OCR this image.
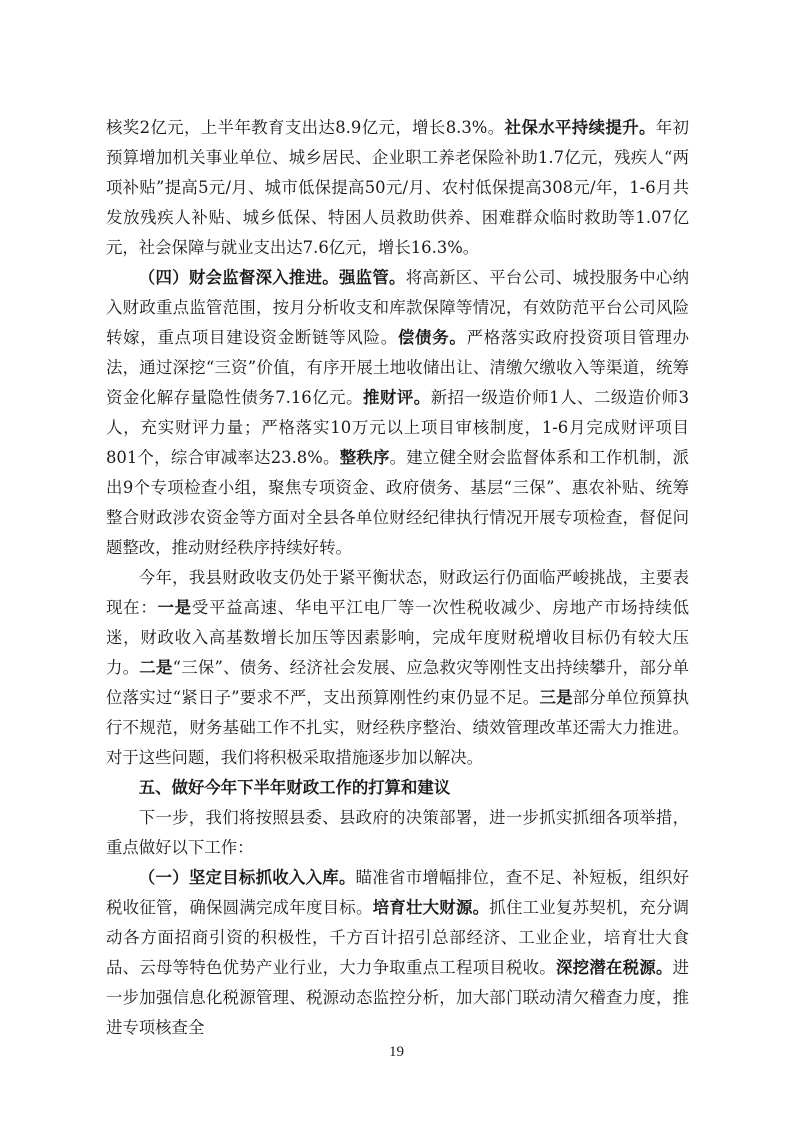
核奖2亿元，上半年教育支出达8.9亿元，增长8.3%。社保水平持续提升。年初预算增加机关事业单位、城乡居民、企业职工养老保险补助1.7亿元，残疾人“两项补贴”提高5元/月、城市低保提高50元/月、农村低保提高308元/年，1-6月共发放残疾人补贴、城乡低保、特困人员救助供养、困难群众临时救助等1.07亿元，社会保障与就业支出达7.6亿元，增长16.3%。

（四）财会监督深入推进。强监管。将高新区、平台公司、城投服务中心纳入财政重点监管范围，按月分析收支和库款保障等情况，有效防范平台公司风险转嫁，重点项目建设资金断链等风险。偿债务。严格落实政府投资项目管理办法，通过深挖“三资”价值，有序开展土地收储出让、清缴欠缴收入等渠道，统筹资金化解存量隐性债务7.16亿元。推财评。新招一级造价师1人、二级造价师3人，充实财评力量；严格落实10万元以上项目审核制度，1-6月完成财评项目801个，综合审减率达23.8%。整秩序。建立健全财会监督体系和工作机制，派出9个专项检查小组，聚焦专项资金、政府债务、基层“三保”、惠农补贴、统筹整合财政涉农资金等方面对全县各单位财经纪律执行情况开展专项检查，督促问题整改，推动财经秩序持续好转。

今年，我县财政收支仍处于紧平衡状态，财政运行仍面临严峻挑战，主要表现在：一是受平益高速、华电平江电厂等一次性税收减少、房地产市场持续低迷，财政收入高基数增长加压等因素影响，完成年度财税增收目标仍有较大压力。二是“三保”、债务、经济社会发展、应急救灾等刚性支出持续攀升，部分单位落实过“紧日子”要求不严，支出预算刚性约束仍显不足。三是部分单位预算执行不规范，财务基础工作不扎实，财经秩序整治、绩效管理改革还需大力推进。对于这些问题，我们将积极采取措施逐步加以解决。

五、做好今年下半年财政工作的打算和建议

下一步，我们将按照县委、县政府的决策部署，进一步抓实抓细各项举措，重点做好以下工作：

（一）坚定目标抓收入入库。瞄准省市增幅排位，查不足、补短板，组织好税收征管，确保圆满完成年度目标。培育壮大财源。抓住工业复苏契机，充分调动各方面招商引资的积极性，千方百计招引总部经济、工业企业，培育壮大食品、云母等特色优势产业行业，大力争取重点工程项目税收。深挖潜在税源。进一步加强信息化税源管理、税源动态监控分析，加大部门联动清欠稽查力度，推进专项核查全

19
